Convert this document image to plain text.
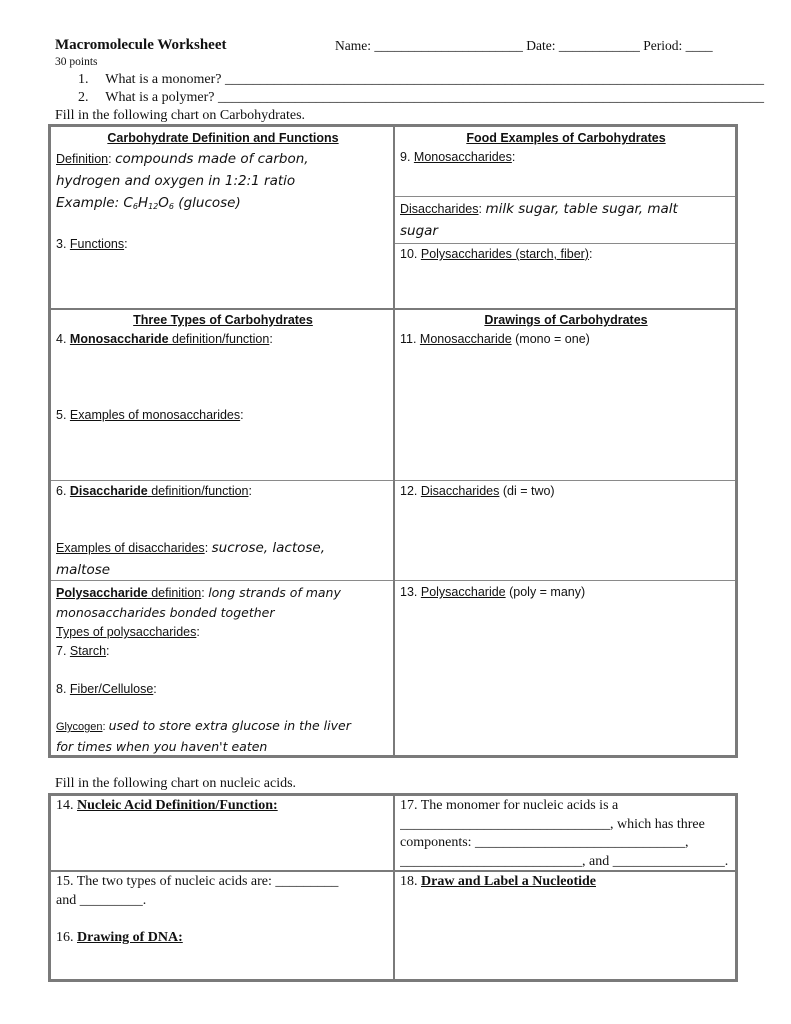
Macromolecule Worksheet	Name: ______________________ Date: ____________ Period: ____
30 points
1. What is a monomer? _____________________________________________________________________________
2. What is a polymer? ______________________________________________________________________________
Fill in the following chart on Carbohydrates.
Carbohydrate Definition and Functions
Definition: compounds made of carbon,
hydrogen and oxygen in 1:2:1 ratio
Example: $C_6H_{12}O_6$ (glucose)
3. Functions:
Food Examples of Carbohydrates
9. Monosaccharides:
Disaccharides: milk sugar, table sugar, malt
sugar
10. Polysaccharides (starch, fiber):
Three Types of Carbohydrates
4. Monosaccharide definition/function:
5. Examples of monosaccharides:
Drawings of Carbohydrates
11. Monosaccharide (mono = one)
6. Disaccharide definition/function:
Examples of disaccharides: sucrose, lactose,
maltose
12. Disaccharides (di = two)
Polysaccharide definition: long strands of many
monosaccharides bonded together
Types of polysaccharides:
7. Starch:
8. Fiber/Cellulose:
Glycogen: used to store extra glucose in the liver
for times when you haven't eaten
13. Polysaccharide (poly = many)
Fill in the following chart on nucleic acids.
14. Nucleic Acid Definition/Function:	17. The monomer for nucleic acids is a
______________________________, which has three
components: ______________________________,
__________________________, and ________________.
15. The two types of nucleic acids are: _________
and _________.
16. Drawing of DNA:
18. Draw and Label a Nucleotide
